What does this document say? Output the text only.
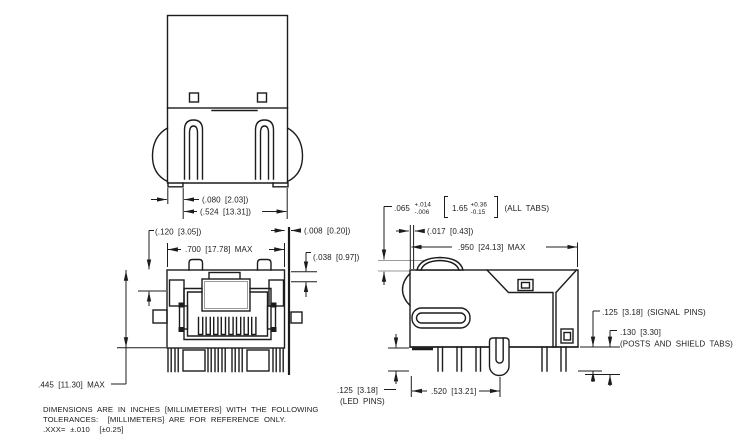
(.080 [2.03])
(.524 [13.31])
(.120 [3.05])
.700 [17.78] MAX
(.008 [0.20])
(.038 [0.97])
.445 [11.30] MAX
.065 +.014
-.006	1.65 +0.36
-0.15 (ALL TABS)
(.017 [0.43])
.950 [24.13] MAX
.125 [3.18] (SIGNAL PINS)
.130 [3.30]
(POSTS AND SHIELD TABS)
.125 [3.18]
(LED PINS)
.520 [13.21]
DIMENSIONS ARE IN INCHES [MILLIMETERS] WITH THE FOLLOWING
TOLERANCES:  [MILLIMETERS] ARE FOR REFERENCE ONLY.
.XXX= ±.010  [±0.25]
